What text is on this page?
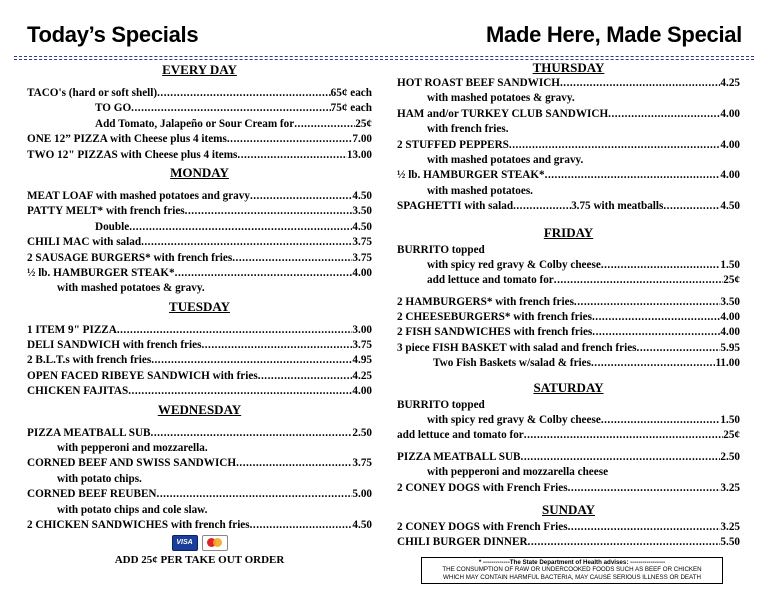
Today’s Specials	Made Here, Made Special
EVERY DAY
TACO's (hard or soft shell) .....	65¢ each
TO GO .....	75¢ each
Add Tomato, Jalapeño or Sour Cream for .....	25¢
ONE 12” PIZZA with Cheese plus 4 items .....	7.00
TWO 12" PIZZAS with Cheese plus 4 items .....	13.00
MONDAY
MEAT LOAF with mashed potatoes and gravy .....	4.50
PATTY MELT* with french fries .....	3.50
Double .....	4.50
CHILI MAC with salad .....	3.75
2 SAUSAGE BURGERS* with french fries .....	3.75
½ lb. HAMBURGER STEAK* .....	4.00
with mashed potatoes & gravy.
TUESDAY
1 ITEM 9" PIZZA .....	3.00
DELI SANDWICH with french fries .....	3.75
2 B.L.T.s with french fries .....	4.95
OPEN FACED RIBEYE SANDWICH with fries .....	4.25
CHICKEN FAJITAS .....	4.00
WEDNESDAY
PIZZA MEATBALL SUB .....	2.50
with pepperoni and mozzarella.
CORNED BEEF AND SWISS SANDWICH .....	3.75
with potato chips.
CORNED BEEF REUBEN .....	5.00
with potato chips and cole slaw.
2 CHICKEN SANDWICHES with french fries .....	4.50
VISA
ADD 25¢ PER TAKE OUT ORDER
THURSDAY
HOT ROAST BEEF SANDWICH .....	4.25
with mashed potatoes & gravy.
HAM and/or TURKEY CLUB SANDWICH .....	4.00
with french fries.
2 STUFFED PEPPERS .....	4.00
with mashed potatoes and gravy.
½ lb. HAMBURGER STEAK* .....	4.00
with mashed potatoes.
SPAGHETTI with salad .....	3.75 with meatballs .....	4.50
FRIDAY
BURRITO topped
with spicy red gravy & Colby cheese .....	1.50
add lettuce and tomato for .....	25¢
2 HAMBURGERS* with french fries .....	3.50
2 CHEESEBURGERS* with french fries .....	4.00
2 FISH SANDWICHES with french fries .....	4.00
3 piece FISH BASKET with salad and french fries .....	5.95
Two Fish Baskets w/salad & fries .....	11.00
SATURDAY
BURRITO topped
with spicy red gravy & Colby cheese .....	1.50
add lettuce and tomato for .....	25¢
PIZZA MEATBALL SUB .....	2.50
with pepperoni and mozzarella cheese
2 CONEY DOGS with French Fries .....	3.25
SUNDAY
2 CONEY DOGS with French Fries .....	3.25
CHILI BURGER DINNER .....	5.50
* -------------The State Department of Health advises: -----------------
THE CONSUMPTION OF RAW OR UNDERCOOKED FOODS SUCH AS BEEF OR CHICKEN
WHICH MAY CONTAIN HARMFUL BACTERIA, MAY CAUSE SERIOUS ILLNESS OR DEATH
